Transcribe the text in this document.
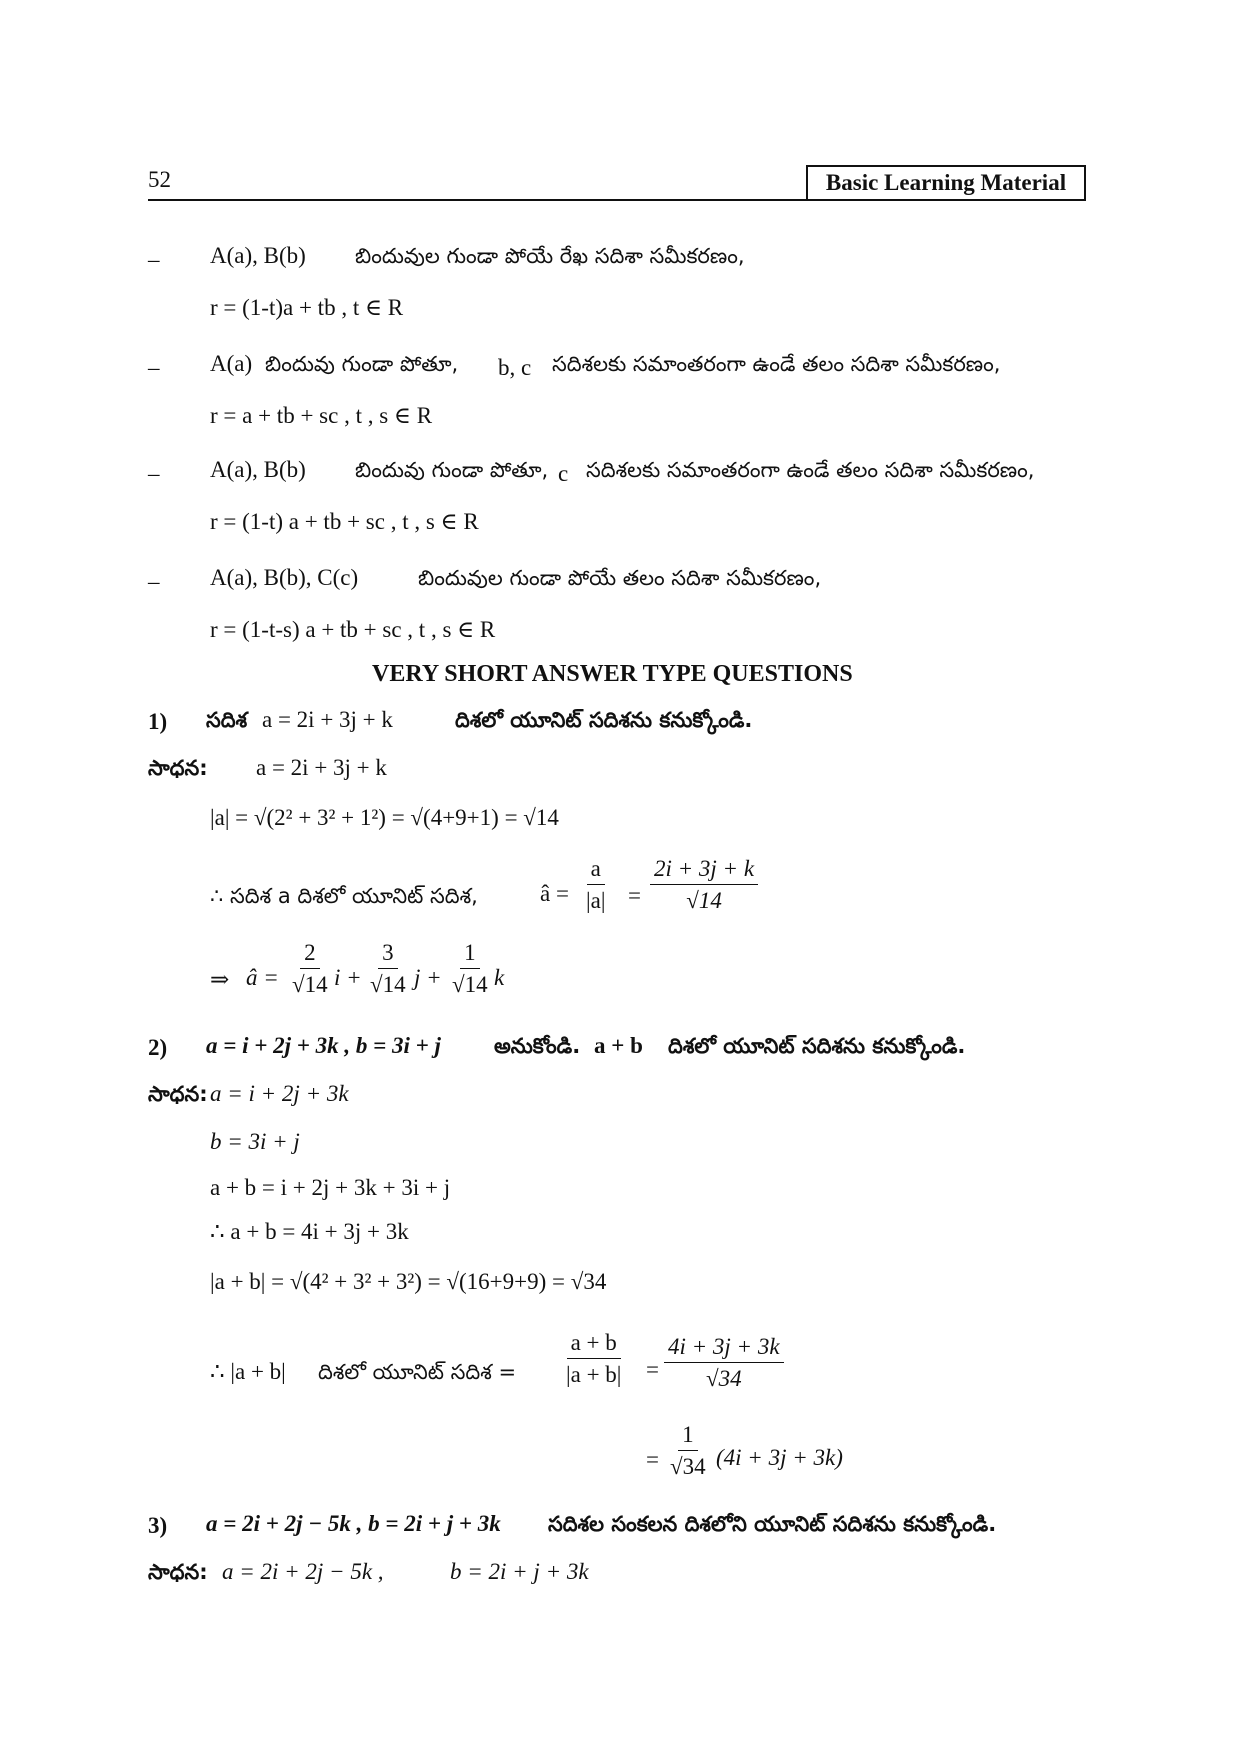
52	Basic Learning Material
– A(a), B(b) బిందువుల గుండా పోయే రేఖ సదిశా సమీకరణం,
r = (1-t)a + tb , t ∈ R
– A(a) బిందువు గుండా పోతూ, b, c సదిశలకు సమాంతరంగా ఉండే తలం సదిశా సమీకరణం,
r = a + tb + sc , t , s ∈ R
– A(a), B(b) బిందువు గుండా పోతూ, c సదిశలకు సమాంతరంగా ఉండే తలం సదిశా సమీకరణం,
r = (1-t) a + tb + sc , t , s ∈ R
– A(a), B(b), C(c)	బిందువుల గుండా పోయే తలం సదిశా సమీకరణం,
r = (1-t-s) a + tb + sc , t , s ∈ R
VERY SHORT ANSWER TYPE QUESTIONS
1) సదిశ a = 2i + 3j + k	దిశలో యూనిట్ సదిశను కనుక్కోండి.
సాధన: a = 2i + 3j + k
|a| = √(2² + 3² + 1²) = √(4+9+1) = √14
∴ సదిశ a దిశలో యూనిట్ సదిశ,	â = $\frac{a}{|a|} = \frac{2i + 3j + k}{√14}$
⇒ â = $\frac{2}{√14}$ $i + \frac{3}{√14}$ $j + \frac{1}{√14}$ k
2) a = i + 2j + 3k , b = 3i + j	అనుకోండి. a + b దిశలో యూనిట్ సదిశను కనుక్కోండి.
సాధన: a = i + 2j + 3k
b = 3i + j
a + b = i + 2j + 3k + 3i + j
∴ a + b = 4i + 3j + 3k
|a + b| = √(4² + 3² + 3²) = √(16+9+9) = √34
∴ |a + b| దిశలో యూనిట్ సదిశ = $\frac{a + b}{|a + b|} = \frac{4i + 3j + 3k}{√34}$
= $\frac{1}{√34} (4i + 3j + 3k)$
3) a = 2i + 2j − 5k , b = 2i + j + 3k సదిశల సంకలన దిశలోని యూనిట్ సదిశను కనుక్కోండి.
సాధన: a = 2i + 2j − 5k ,	b = 2i + j + 3k
